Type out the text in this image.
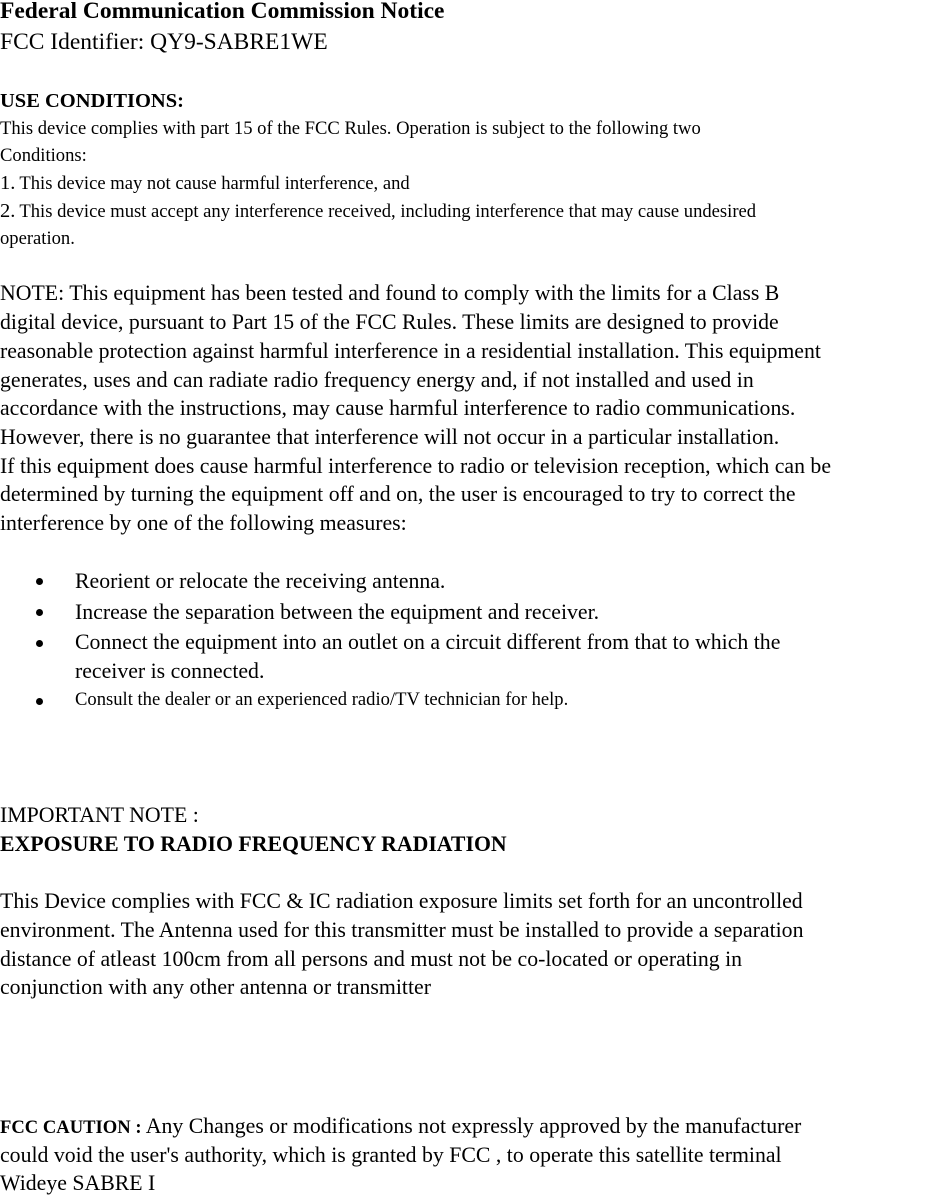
Federal Communication Commission Notice
FCC Identifier: QY9-SABRE1WE
USE CONDITIONS:
This device complies with part 15 of the FCC Rules. Operation is subject to the following two
Conditions:
1. This device may not cause harmful interference, and
2. This device must accept any interference received, including interference that may cause undesired
operation.
NOTE: This equipment has been tested and found to comply with the limits for a Class B
digital device, pursuant to Part 15 of the FCC Rules. These limits are designed to provide
reasonable protection against harmful interference in a residential installation. This equipment
generates, uses and can radiate radio frequency energy and, if not installed and used in
accordance with the instructions, may cause harmful interference to radio communications.
However, there is no guarantee that interference will not occur in a particular installation.
If this equipment does cause harmful interference to radio or television reception, which can be
determined by turning the equipment off and on, the user is encouraged to try to correct the
interference by one of the following measures:
Reorient or relocate the receiving antenna.
Increase the separation between the equipment and receiver.
Connect the equipment into an outlet on a circuit different from that to which the
receiver is connected.
Consult the dealer or an experienced radio/TV technician for help.
IMPORTANT NOTE :
EXPOSURE TO RADIO FREQUENCY RADIATION
This Device complies with FCC & IC radiation exposure limits set forth for an uncontrolled
environment. The Antenna used for this transmitter must be installed to provide a separation
distance of atleast 100cm from all persons and must not be co-located or operating in
conjunction with any other antenna or transmitter
FCC CAUTION : Any Changes or modifications not expressly approved by the manufacturer
could void the user's authority, which is granted by FCC , to operate this satellite terminal
Wideye SABRE I
